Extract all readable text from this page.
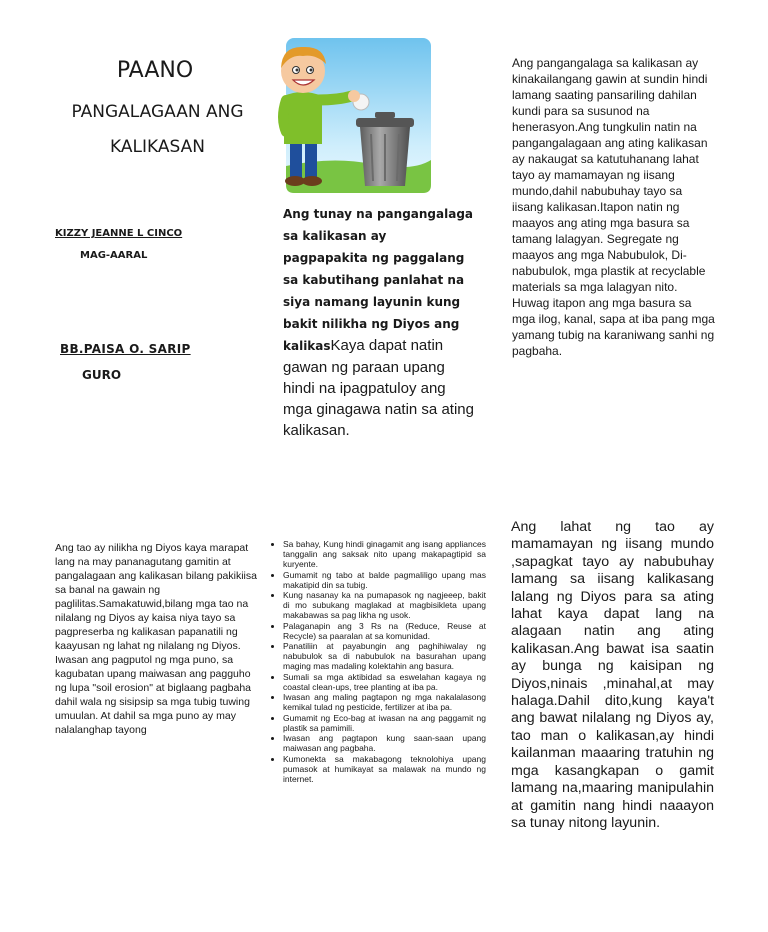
PAANO
PANGALAGAAN ANG
KALIKASAN
KIZZY JEANNE L CINCO
MAG-AARAL
BB.PAISA O. SARIP
GURO
Ang tunay na pangangalaga sa kalikasan ay pagpapakita ng paggalang sa kabutihang panlahat na siya namang layunin kung bakit nilikha ng Diyos ang kalikasKaya dapat natin gawan ng paraan upang hindi na ipagpatuloy ang mga ginagawa natin sa ating kalikasan.
Ang pangangalaga sa kalikasan ay kinakailangang gawin at sundin hindi lamang saating pansariling dahilan kundi para sa susunod na henerasyon.Ang tungkulin natin na pangangalagaan ang ating kalikasan ay nakaugat sa katutuhanang lahat tayo ay mamamayan ng iisang mundo,dahil nabubuhay tayo sa iisang kalikasan.Itapon natin ng maayos ang ating mga basura sa tamang lalagyan. Segregate ng maayos ang mga Nabubulok, Di-nabubulok, mga plastik at recyclable materials sa mga lalagyan nito. Huwag itapon ang mga basura sa mga ilog, kanal, sapa at iba pang mga yamang tubig na karaniwang sanhi ng pagbaha.
Ang tao ay nilikha ng Diyos kaya marapat lang na may pananagutang gamitin at pangalagaan ang kalikasan bilang pakikiisa sa banal na gawain ng paglilitas.Samakatuwid,bilang mga tao na nilalang ng Diyos ay kaisa niya tayo sa pagpreserba ng kalikasan papanatili ng kaayusan ng lahat ng nilalang ng Diyos. Iwasan ang pagputol ng mga puno, sa kagubatan upang maiwasan ang pagguho ng lupa "soil erosion" at biglaang pagbaha dahil wala ng sisipsip sa mga tubig tuwing umuulan. At dahil sa mga puno ay may nalalanghap tayong
• Sa bahay, Kung hindi ginagamit ang isang appliances tanggalin ang saksak nito upang makapagtipid sa kuryente.
• Gumamit ng tabo at balde pagmaliligo upang mas makatipid din sa tubig.
• Kung nasanay ka na pumapasok ng nagjeeep, bakit di mo subukang maglakad at magbisikleta upang makabawas sa pag likha ng usok.
• Palaganapin ang 3 Rs na (Reduce, Reuse at Recycle) sa paaralan at sa komunidad.
• Panatiliin at payabungin ang paghihiwalay ng nabubulok sa di nabubulok na basurahan upang maging mas madaling kolektahin ang basura.
• Sumali sa mga aktibidad sa eswelahan kagaya ng coastal clean-ups, tree planting at iba pa.
• Iwasan ang maling pagtapon ng mga nakalalasong kemikal tulad ng pesticide, fertilizer at iba pa.
• Gumamit ng Eco-bag at iwasan na ang paggamit ng plastik sa pamimili.
• Iwasan ang pagtapon kung saan-saan upang maiwasan ang pagbaha.
• Kumonekta sa makabagong teknolohiya upang pumasok at humikayat sa malawak na mundo ng internet.
Ang lahat ng tao ay mamamayan ng iisang mundo ,sapagkat tayo ay nabubuhay lamang sa iisang kalikasang lalang ng Diyos para sa ating lahat kaya dapat lang na alagaan natin ang ating kalikasan.Ang bawat isa saatin ay bunga ng kaisipan ng Diyos,ninais ,minahal,at may halaga.Dahil dito,kung kaya't ang bawat nilalang ng Diyos ay, tao man o kalikasan,ay hindi kailanman maaaring tratuhin ng mga kasangkapan o gamit lamang na,maaring manipulahin at gamitin nang hindi naaayon sa tunay nitong layunin.
